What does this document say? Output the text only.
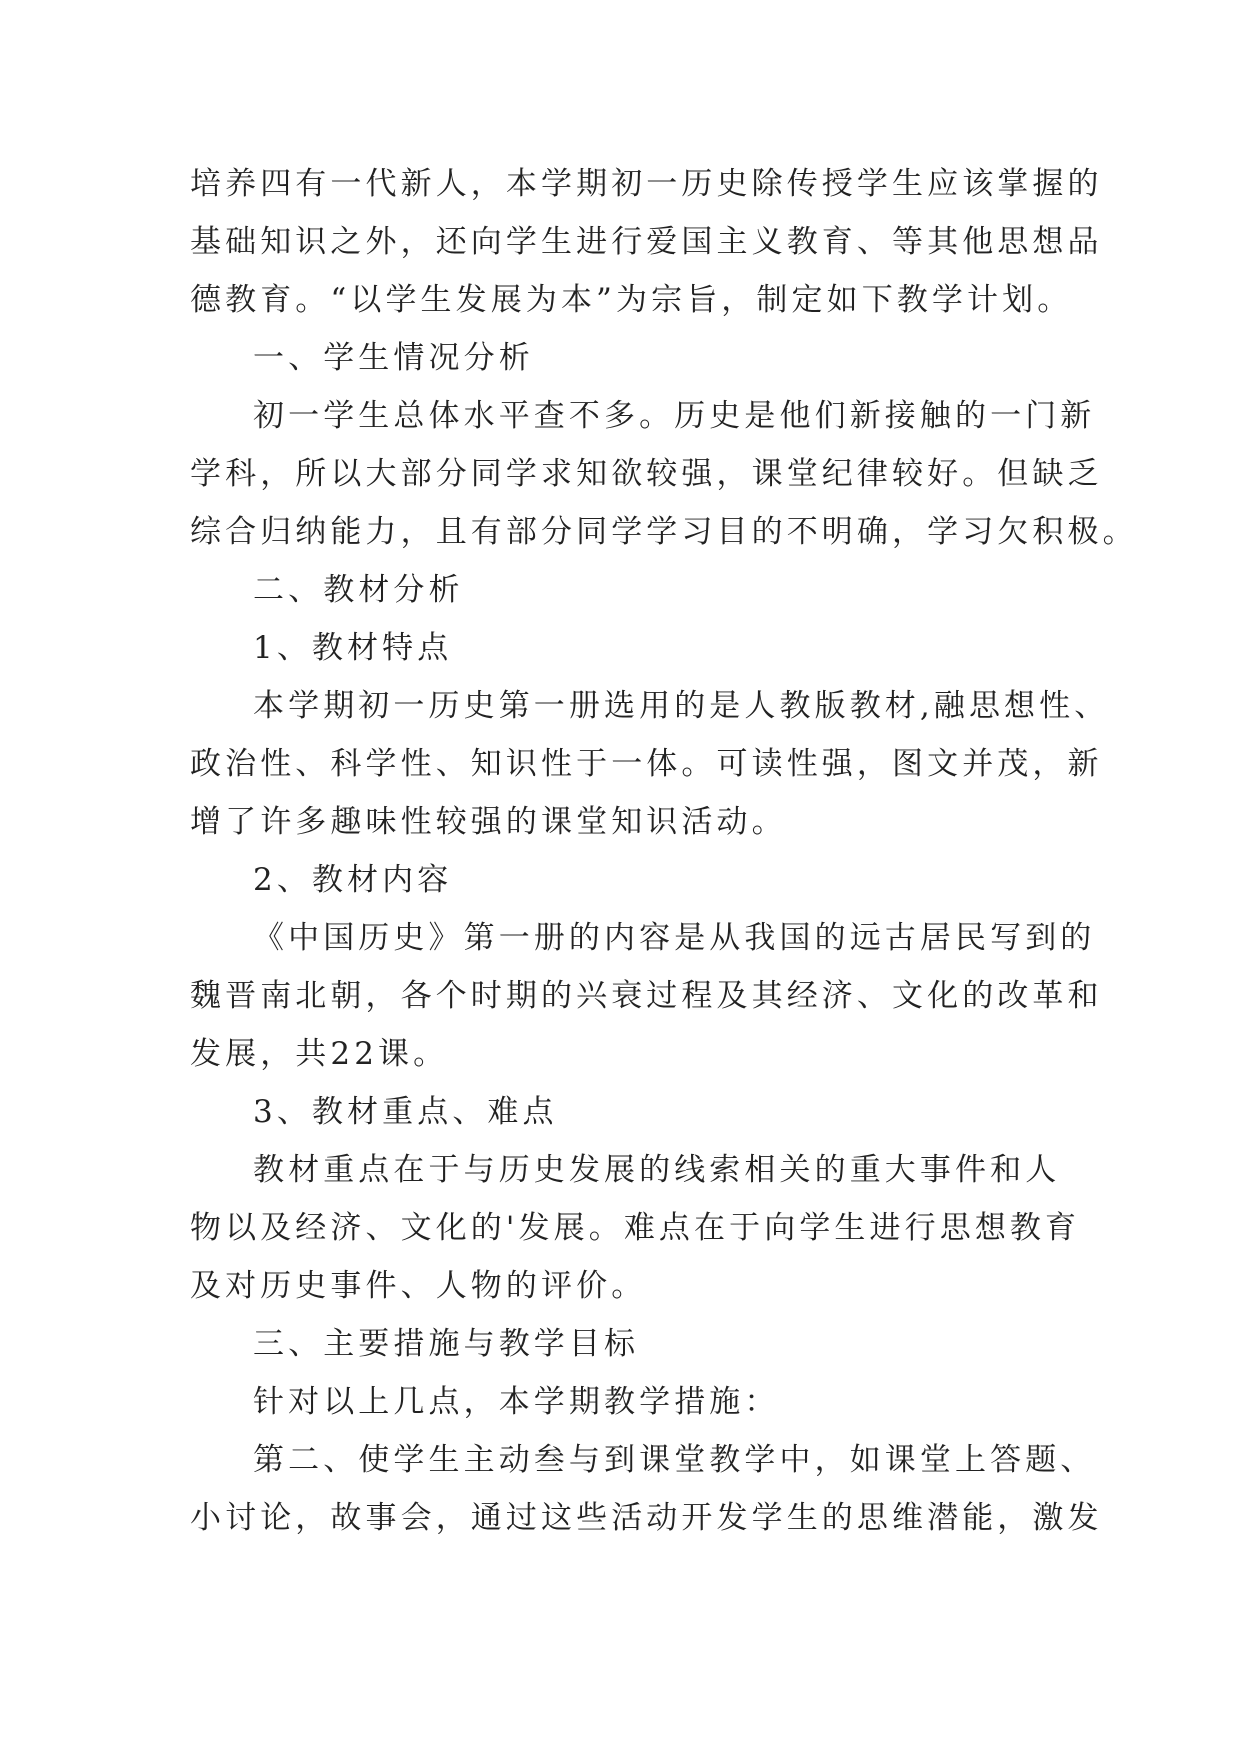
培养四有一代新人，本学期初一历史除传授学生应该掌握的
基础知识之外，还向学生进行爱国主义教育、等其他思想品
德教育。“以学生发展为本”为宗旨，制定如下教学计划。
一、学生情况分析
初一学生总体水平查不多。历史是他们新接触的一门新
学科，所以大部分同学求知欲较强，课堂纪律较好。但缺乏
综合归纳能力，且有部分同学学习目的不明确，学习欠积极。
二、教材分析
1、教材特点
本学期初一历史第一册选用的是人教版教材,融思想性、
政治性、科学性、知识性于一体。可读性强，图文并茂，新
增了许多趣味性较强的课堂知识活动。
2、教材内容
《中国历史》第一册的内容是从我国的远古居民写到的
魏晋南北朝，各个时期的兴衰过程及其经济、文化的改革和
发展，共22课。
3、教材重点、难点
教材重点在于与历史发展的线索相关的重大事件和人
物以及经济、文化的'发展。难点在于向学生进行思想教育
及对历史事件、人物的评价。
三、主要措施与教学目标
针对以上几点，本学期教学措施：
第二、使学生主动叁与到课堂教学中，如课堂上答题、
小讨论，故事会，通过这些活动开发学生的思维潜能，激发
